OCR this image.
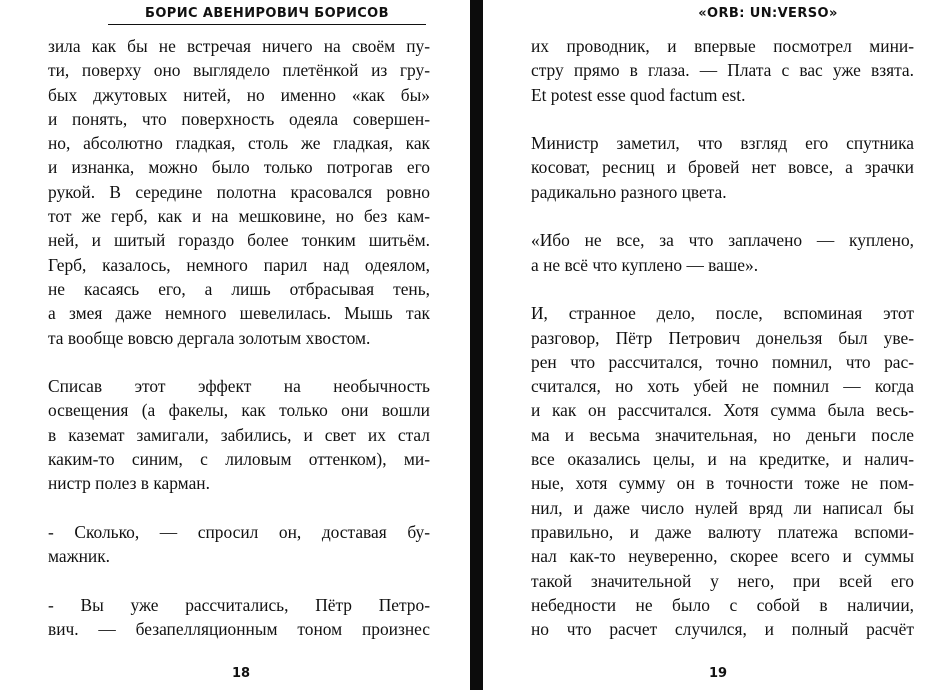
БОРИС АВЕНИРОВИЧ БОРИСОВ
зила как бы не встречая ничего на своём пу-
ти, поверху оно выглядело плетёнкой из гру-
бых джутовых нитей, но именно «как бы»
и понять, что поверхность одеяла совершен-
но, абсолютно гладкая, столь же гладкая, как
и изнанка, можно было только потрогав его
рукой. В середине полотна красовался ровно
тот же герб, как и на мешковине, но без кам-
ней, и шитый гораздо более тонким шитьём.
Герб, казалось, немного парил над одеялом,
не касаясь его, а лишь отбрасывая тень,
а змея даже немного шевелилась. Мышь так
та вообще вовсю дергала золотым хвостом.
Списав этот эффект на необычность
освещения (а факелы, как только они вошли
в каземат замигали, забились, и свет их стал
каким-то синим, с лиловым оттенком), ми-
нистр полез в карман.
- Сколько, — спросил он, доставая бу-
мажник.
- Вы уже рассчитались, Пётр Петро-
вич. — безапелляционным тоном произнес
18
«ORB: UN:VERSO»
их проводник, и впервые посмотрел мини-
стру прямо в глаза. — Плата с вас уже взята.
Et potest esse quod factum est.
Министр заметил, что взгляд его спутника
косоват, ресниц и бровей нет вовсе, а зрачки
радикально разного цвета.
«Ибо не все, за что заплачено — куплено,
а не всё что куплено — ваше».
И, странное дело, после, вспоминая этот
разговор, Пётр Петрович донельзя был уве-
рен что рассчитался, точно помнил, что рас-
считался, но хоть убей не помнил — когда
и как он рассчитался. Хотя сумма была весь-
ма и весьма значительная, но деньги после
все оказались целы, и на кредитке, и налич-
ные, хотя сумму он в точности тоже не пом-
нил, и даже число нулей вряд ли написал бы
правильно, и даже валюту платежа вспоми-
нал как-то неуверенно, скорее всего и суммы
такой значительной у него, при всей его
небедности не было с собой в наличии,
но что расчет случился, и полный расчёт
19
